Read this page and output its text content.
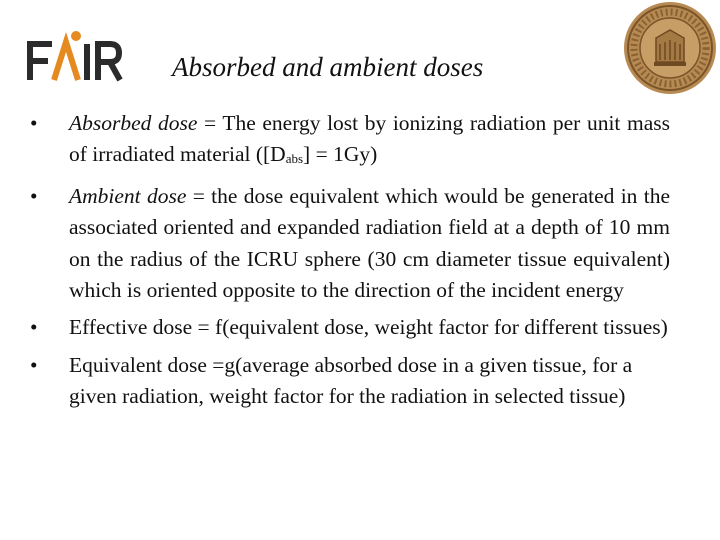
Absorbed and ambient doses
• Absorbed dose = The energy lost by ionizing radiation per unit mass of irradiated material ([Dabs] = 1Gy)
• Ambient dose = the dose equivalent which would be generated in the associated oriented and expanded radiation field at a depth of 10 mm on the radius of the ICRU sphere (30 cm diameter tissue equivalent) which is oriented opposite to the direction of the incident energy
• Effective dose = f(equivalent dose, weight factor for different tissues)
• Equivalent dose =g(average absorbed dose in a given tissue, for a given radiation, weight factor for the radiation in selected tissue)
